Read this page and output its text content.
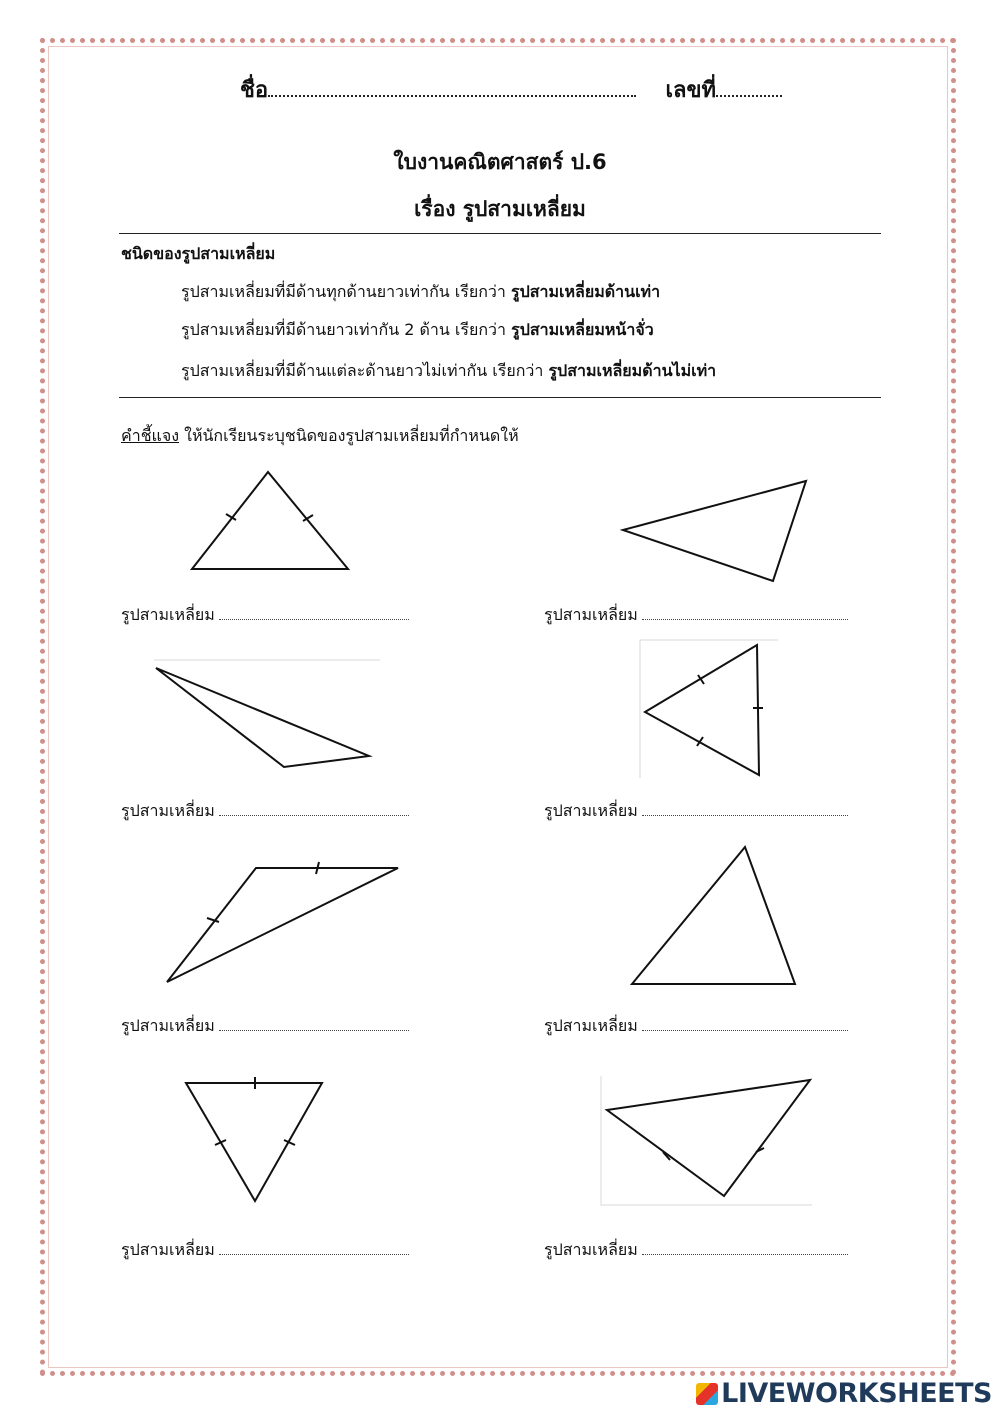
ชื่อ	เลขที่
ใบงานคณิตศาสตร์ ป.6
เรื่อง รูปสามเหลี่ยม
ชนิดของรูปสามเหลี่ยม
รูปสามเหลี่ยมที่มีด้านทุกด้านยาวเท่ากัน เรียกว่า รูปสามเหลี่ยมด้านเท่า
รูปสามเหลี่ยมที่มีด้านยาวเท่ากัน 2 ด้าน เรียกว่า รูปสามเหลี่ยมหน้าจั่ว
รูปสามเหลี่ยมที่มีด้านแต่ละด้านยาวไม่เท่ากัน เรียกว่า รูปสามเหลี่ยมด้านไม่เท่า
คำชี้แจง ให้นักเรียนระบุชนิดของรูปสามเหลี่ยมที่กำหนดให้
รูปสามเหลี่ยม	รูปสามเหลี่ยม
รูปสามเหลี่ยม	รูปสามเหลี่ยม
รูปสามเหลี่ยม	รูปสามเหลี่ยม
รูปสามเหลี่ยม	รูปสามเหลี่ยม
LIVEWORKSHEETS
